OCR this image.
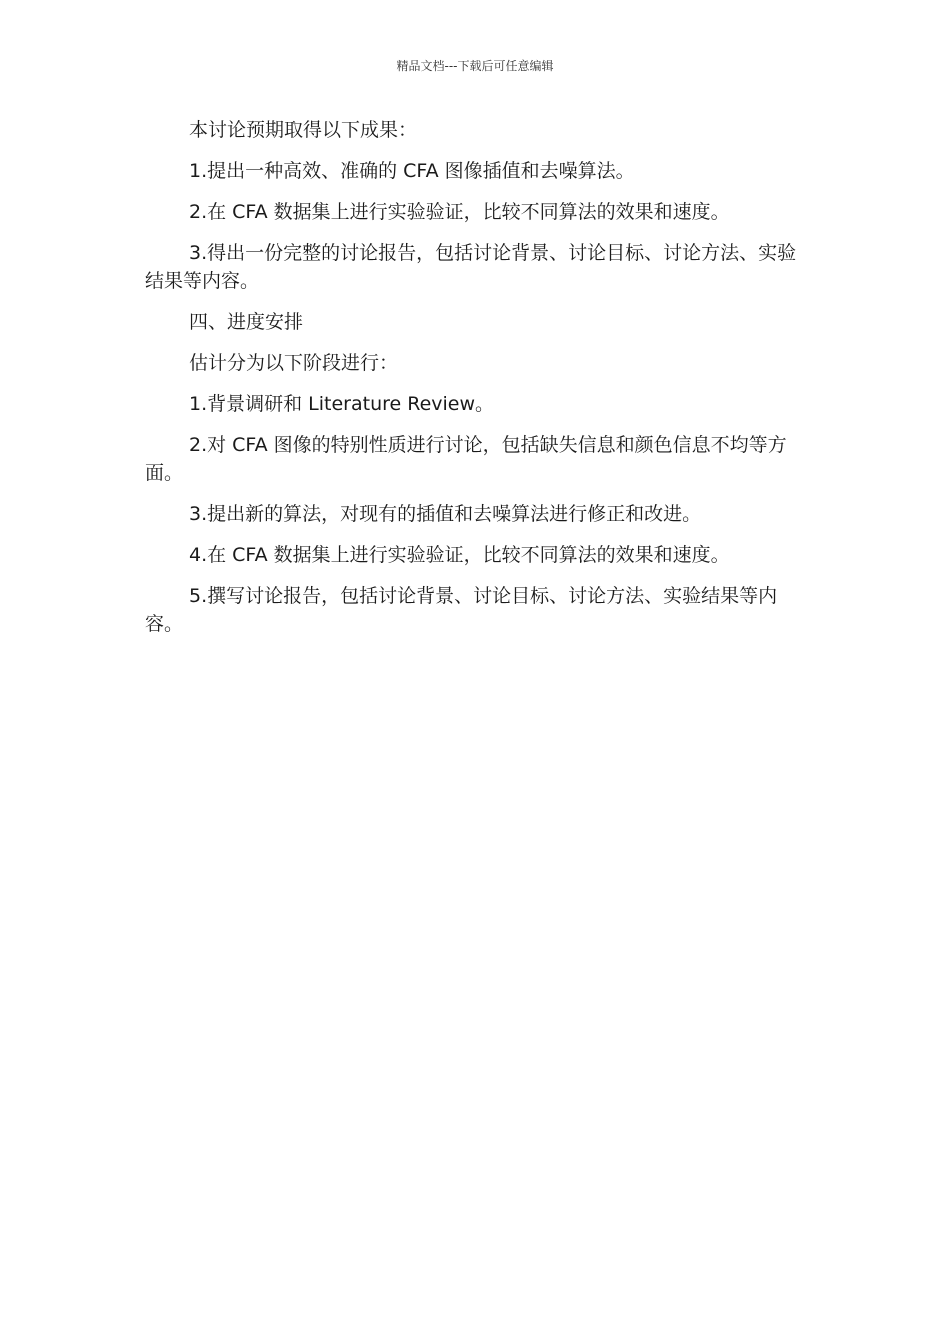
精品文档---下载后可任意编辑

本讨论预期取得以下成果：

1.提出一种高效、准确的 CFA 图像插值和去噪算法。

2.在 CFA 数据集上进行实验验证，比较不同算法的效果和速度。

3.得出一份完整的讨论报告，包括讨论背景、讨论目标、讨论方法、实验结果等内容。

四、进度安排

估计分为以下阶段进行：

1.背景调研和 Literature Review。

2.对 CFA 图像的特别性质进行讨论，包括缺失信息和颜色信息不均等方面。

3.提出新的算法，对现有的插值和去噪算法进行修正和改进。

4.在 CFA 数据集上进行实验验证，比较不同算法的效果和速度。

5.撰写讨论报告，包括讨论背景、讨论目标、讨论方法、实验结果等内容。
